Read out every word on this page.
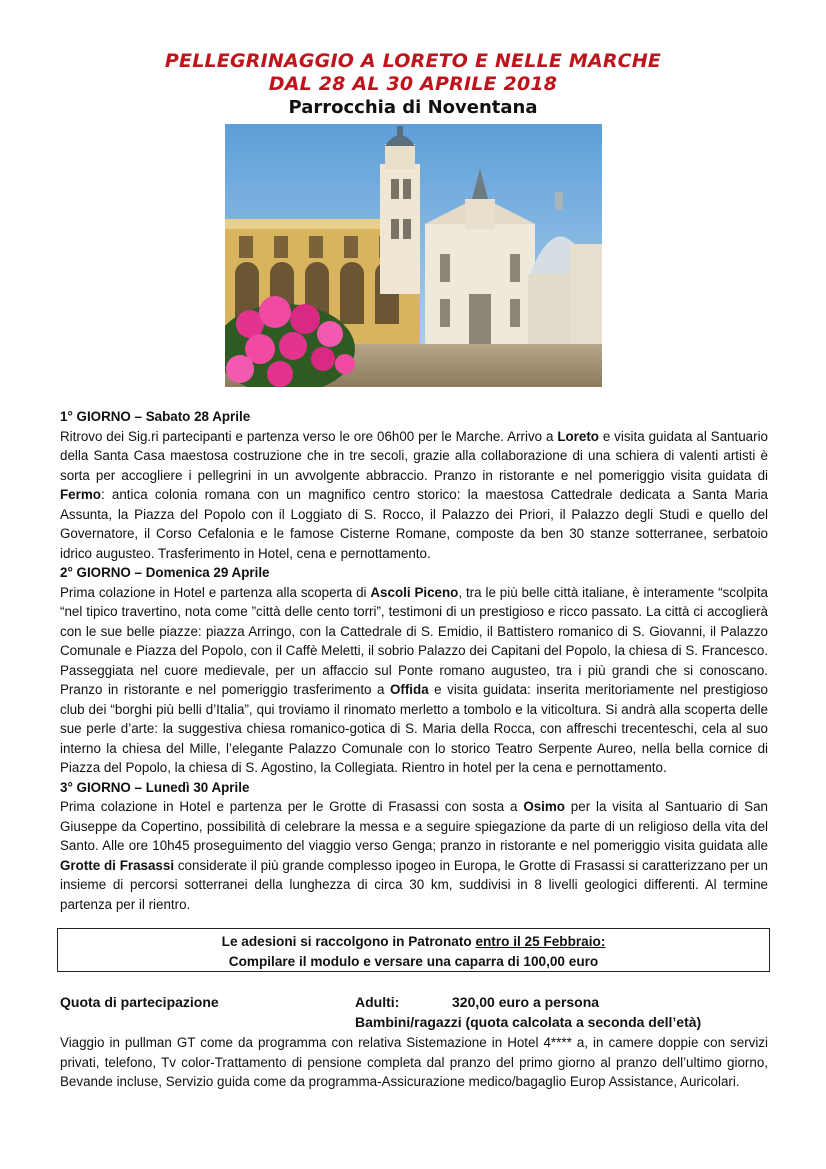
PELLEGRINAGGIO A LORETO E NELLE MARCHE
DAL 28 AL 30 APRILE 2018
Parrocchia di Noventana
1° GIORNO – Sabato 28 Aprile
Ritrovo dei Sig.ri partecipanti e partenza verso le ore 06h00 per le Marche. Arrivo a Loreto e visita guidata al Santuario della Santa Casa maestosa costruzione che in tre secoli, grazie alla collaborazione di una schiera di valenti artisti è sorta per accogliere i pellegrini in un avvolgente abbraccio. Pranzo in ristorante e nel pomeriggio visita guidata di Fermo: antica colonia romana con un magnifico centro storico: la maestosa Cattedrale dedicata a Santa Maria Assunta, la Piazza del Popolo con il Loggiato di S. Rocco, il Palazzo dei Priori, il Palazzo degli Studi e quello del Governatore, il Corso Cefalonia e le famose Cisterne Romane, composte da ben 30 stanze sotterranee, serbatoio idrico augusteo. Trasferimento in Hotel, cena e pernottamento.
2° GIORNO – Domenica 29 Aprile
Prima colazione in Hotel e partenza alla scoperta di Ascoli Piceno, tra le più belle città italiane, è interamente “scolpita “nel tipico travertino, nota come ”città delle cento torri”, testimoni di un prestigioso e ricco passato. La città ci accoglierà con le sue belle piazze: piazza Arringo, con la Cattedrale di S. Emidio, il Battistero romanico di S. Giovanni, il Palazzo Comunale e Piazza del Popolo, con il Caffè Meletti, il sobrio Palazzo dei Capitani del Popolo, la chiesa di S. Francesco. Passeggiata nel cuore medievale, per un affaccio sul Ponte romano augusteo, tra i più grandi che si conoscano. Pranzo in ristorante e nel pomeriggio trasferimento a Offida e visita guidata: inserita meritoriamente nel prestigioso club dei “borghi più belli d’Italia”, qui troviamo il rinomato merletto a tombolo e la viticoltura. Si andrà alla scoperta delle sue perle d’arte: la suggestiva chiesa romanico-gotica di S. Maria della Rocca, con affreschi trecenteschi, cela al suo interno la chiesa del Mille, l’elegante Palazzo Comunale con lo storico Teatro Serpente Aureo, nella bella cornice di Piazza del Popolo, la chiesa di S. Agostino, la Collegiata. Rientro in hotel per la cena e pernottamento.
3° GIORNO – Lunedì 30 Aprile
Prima colazione in Hotel e partenza per le Grotte di Frasassi con sosta a Osimo per la visita al Santuario di San Giuseppe da Copertino, possibilità di celebrare la messa e a seguire spiegazione da parte di un religioso della vita del Santo. Alle ore 10h45 proseguimento del viaggio verso Genga; pranzo in ristorante e nel pomeriggio visita guidata alle Grotte di Frasassi considerate il più grande complesso ipogeo in Europa, le Grotte di Frasassi si caratterizzano per un insieme di percorsi sotterranei della lunghezza di circa 30 km, suddivisi in 8 livelli geologici differenti. Al termine partenza per il rientro.
Le adesioni si raccolgono in Patronato entro il 25 Febbraio:
Compilare il modulo e versare una caparra di 100,00 euro
Quota di partecipazione	Adulti:	320,00 euro a persona
Bambini/ragazzi (quota calcolata a seconda dell’età)
Viaggio in pullman GT come da programma con relativa Sistemazione in Hotel 4**** a, in camere doppie con servizi privati, telefono, Tv color-Trattamento di pensione completa dal pranzo del primo giorno al pranzo dell’ultimo giorno, Bevande incluse, Servizio guida come da programma-Assicurazione medico/bagaglio Europ Assistance, Auricolari.
